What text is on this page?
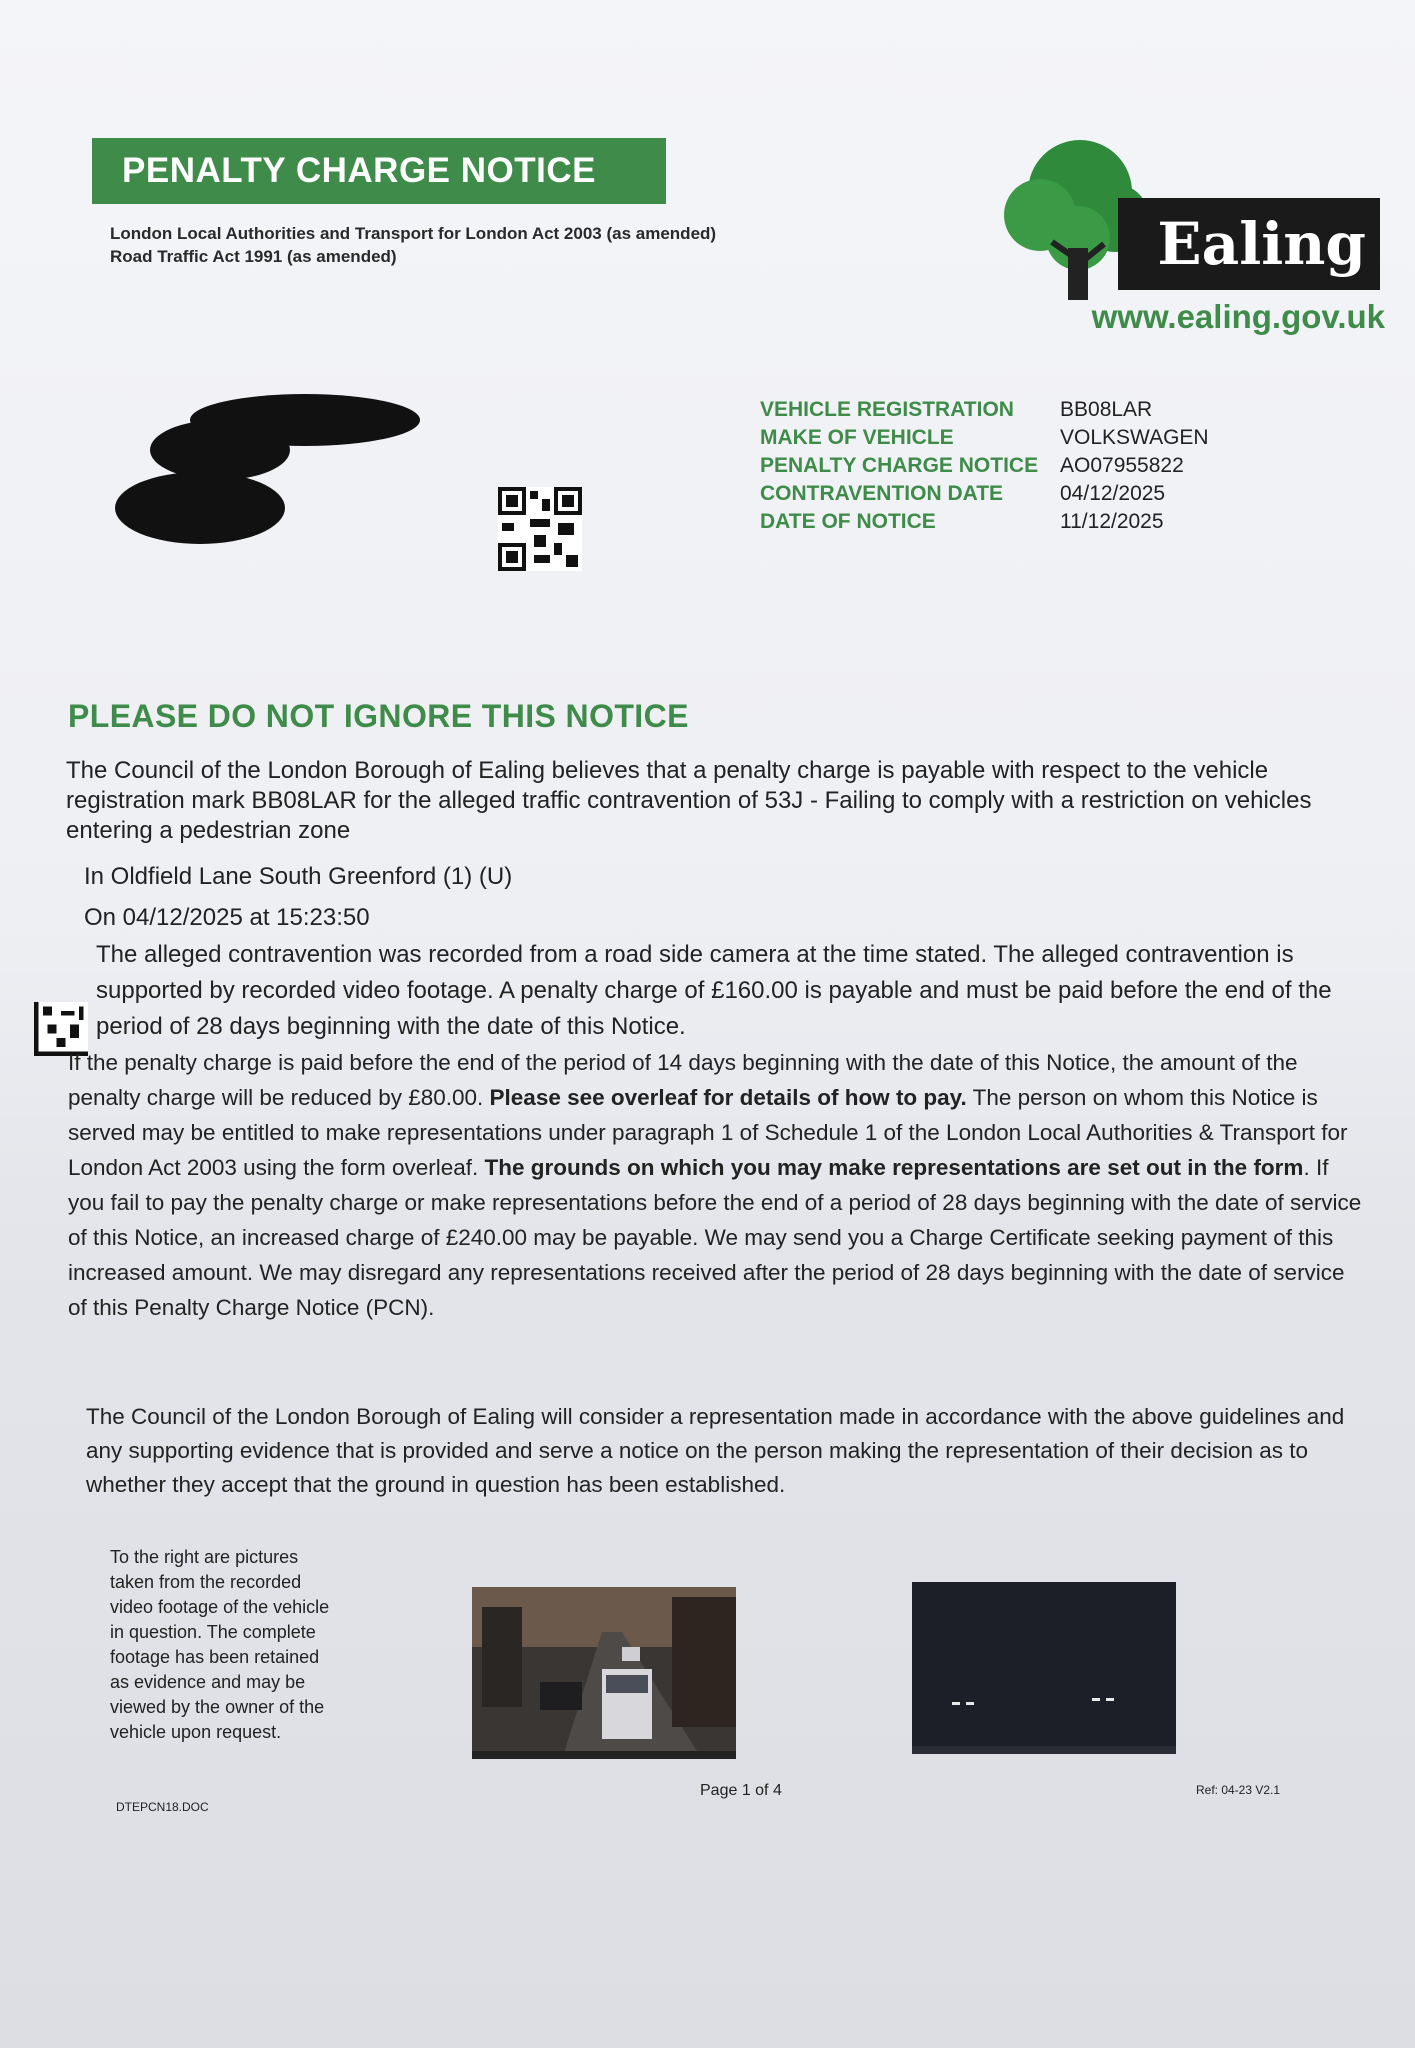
PENALTY CHARGE NOTICE
London Local Authorities and Transport for London Act 2003 (as amended)
Road Traffic Act 1991 (as amended)	Ealing
www.ealing.gov.uk
VEHICLE REGISTRATION BB08LAR
MAKE OF VEHICLE	VOLKSWAGEN
PENALTY CHARGE NOTICE AO07955822
CONTRAVENTION DATE	04/12/2025
DATE OF NOTICE	11/12/2025
PLEASE DO NOT IGNORE THIS NOTICE
The Council of the London Borough of Ealing believes that a penalty charge is payable with respect to the vehicle registration mark BB08LAR for the alleged traffic contravention of 53J - Failing to comply with a restriction on vehicles entering a pedestrian zone
In Oldfield Lane South Greenford (1) (U)
On 04/12/2025 at 15:23:50
The alleged contravention was recorded from a road side camera at the time stated. The alleged contravention is supported by recorded video footage. A penalty charge of £160.00 is payable and must be paid before the end of the period of 28 days beginning with the date of this Notice.
If the penalty charge is paid before the end of the period of 14 days beginning with the date of this Notice, the amount of the penalty charge will be reduced by £80.00. Please see overleaf for details of how to pay. The person on whom this Notice is served may be entitled to make representations under paragraph 1 of Schedule 1 of the London Local Authorities & Transport for London Act 2003 using the form overleaf. The grounds on which you may make representations are set out in the form. If you fail to pay the penalty charge or make representations before the end of a period of 28 days beginning with the date of service of this Notice, an increased charge of £240.00 may be payable. We may send you a Charge Certificate seeking payment of this increased amount. We may disregard any representations received after the period of 28 days beginning with the date of service of this Penalty Charge Notice (PCN).
The Council of the London Borough of Ealing will consider a representation made in accordance with the above guidelines and any supporting evidence that is provided and serve a notice on the person making the representation of their decision as to whether they accept that the ground in question has been established.
To the right are pictures taken from the recorded video footage of the vehicle in question. The complete footage has been retained as evidence and may be viewed by the owner of the vehicle upon request.
DTEPCN18.DOC
Page 1 of 4	Ref: 04-23 V2.1
